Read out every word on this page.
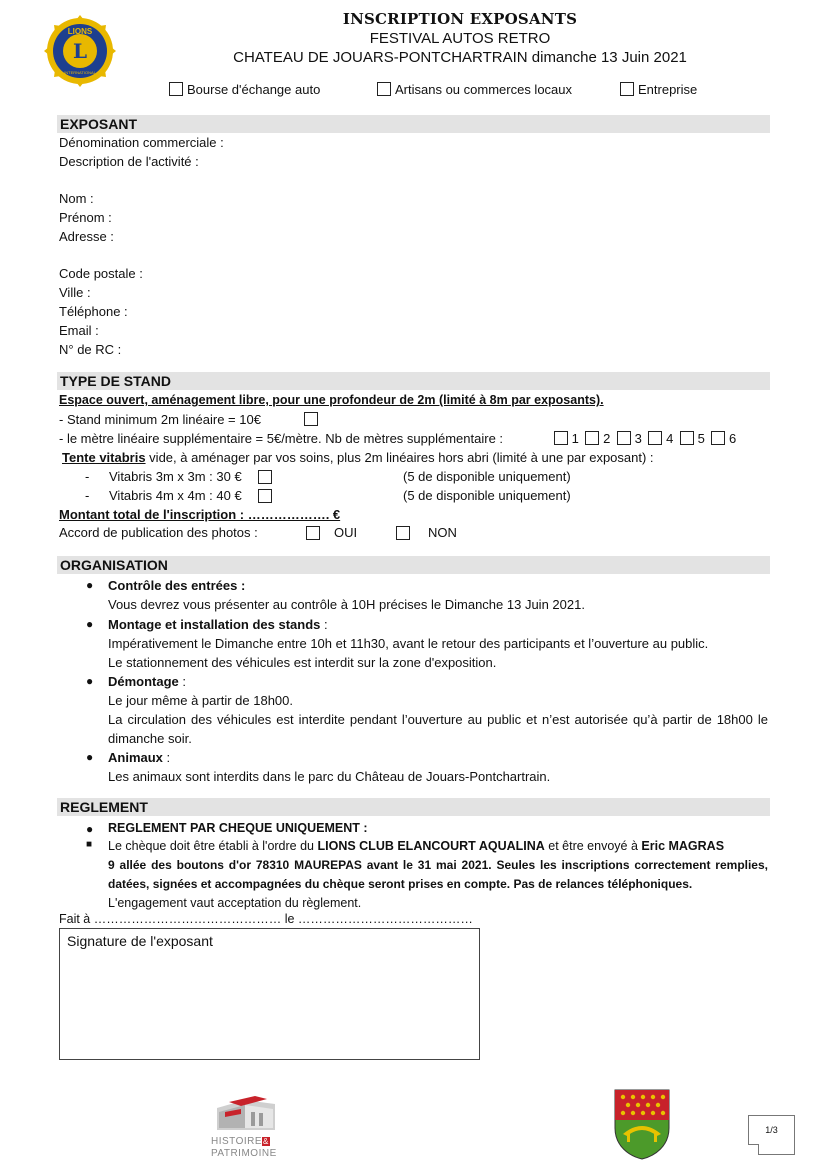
L
LIONS
INTERNATIONAL
INSCRIPTION EXPOSANTS
FESTIVAL AUTOS RETRO
CHATEAU DE JOUARS-PONTCHARTRAIN dimanche 13 Juin 2021
Bourse d'échange auto	Artisans ou commerces locaux	Entreprise
EXPOSANT
Dénomination commerciale :
Description de l'activité :
Nom :
Prénom :
Adresse :
Code postale :
Ville :
Téléphone :
Email :
N° de RC :
TYPE DE STAND
Espace ouvert, aménagement libre, pour une profondeur de 2m (limité à 8m par exposants).
- Stand minimum 2m linéaire = 10€
- le mètre linéaire supplémentaire = 5€/mètre. Nb de mètres supplémentaire :	1 2 3 4 5 6
Tente vitabris vide, à aménager par vos soins, plus 2m linéaires hors abri (limité à une par exposant) :
- Vitabris 3m x 3m : 30 €	(5 de disponible uniquement)
- Vitabris 4m x 4m : 40 €	(5 de disponible uniquement)
Montant total de l'inscription : ………………. €
Accord de publication des photos :	OUI	NON
ORGANISATION
● Contrôle des entrées :
Vous devrez vous présenter au contrôle à 10H précises le Dimanche 13 Juin 2021.
● Montage et installation des stands :
Impérativement le Dimanche entre 10h et 11h30, avant le retour des participants et l’ouverture au public.
Le stationnement des véhicules est interdit sur la zone d'exposition.
● Démontage :
Le jour même à partir de 18h00.

La circulation des véhicules est interdite pendant l’ouverture au public et n’est autorisée qu’à partir de 18h00 le dimanche soir.
● Animaux :
Les animaux sont interdits dans le parc du Château de Jouars-Pontchartrain.
REGLEMENT
● REGLEMENT PAR CHEQUE UNIQUEMENT :
■ Le chèque doit être établi à l'ordre du LIONS CLUB ELANCOURT AQUALINA et être envoyé à Eric MAGRAS
9 allée des boutons d'or 78310 MAUREPAS avant le 31 mai 2021. Seules les inscriptions correctement remplies, datées, signées et accompagnées du chèque seront prises en compte. Pas de relances téléphoniques.
L'engagement vaut acceptation du règlement.
Fait à ……………………………………… le ……………………………………
Signature de l'exposant
HISTOIRE&
PATRIMOINE
1/3
